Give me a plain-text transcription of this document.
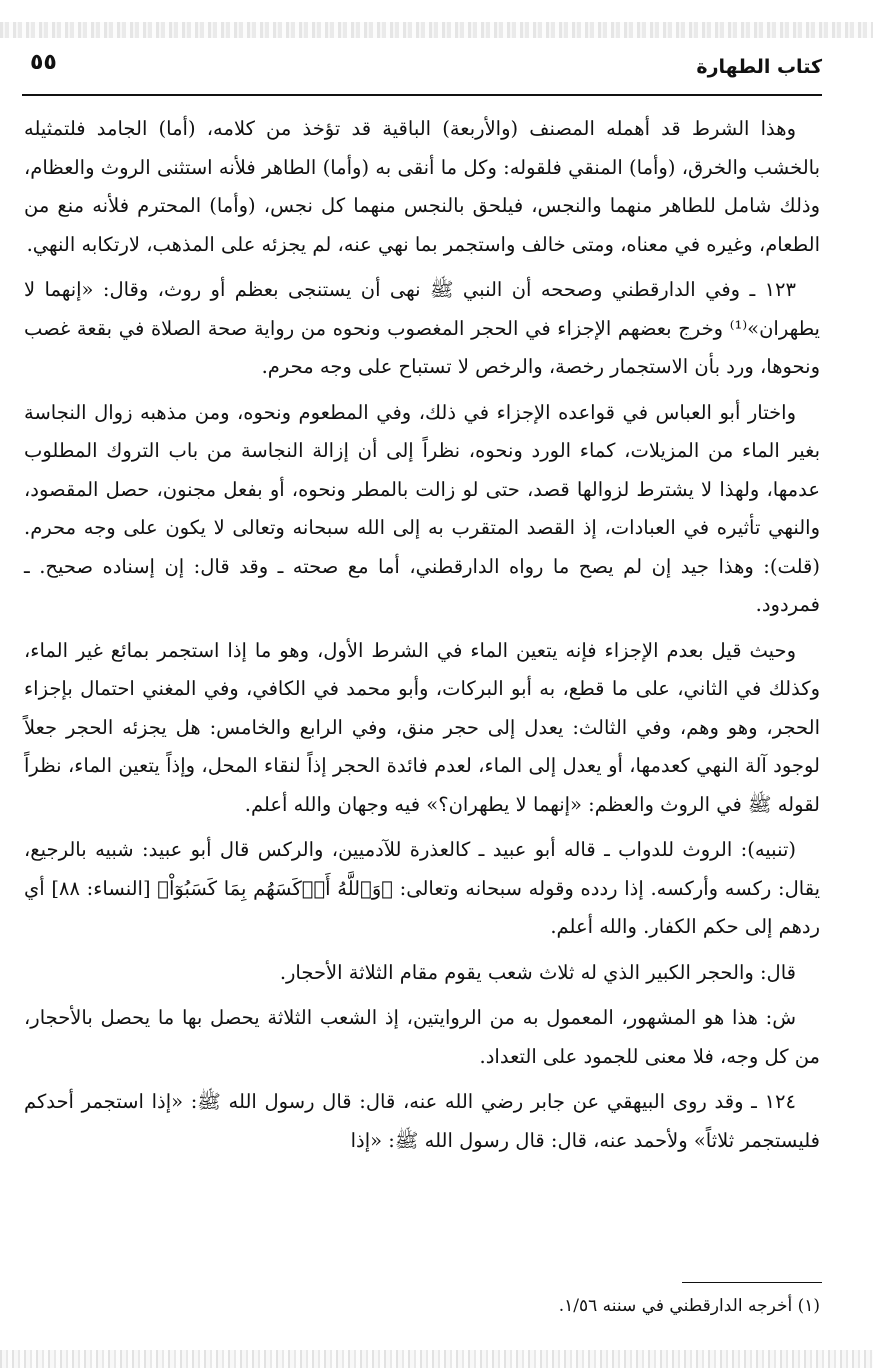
كتاب الطهارة
٥٥

وهذا الشرط قد أهمله المصنف (والأربعة) الباقية قد تؤخذ من كلامه، (أما) الجامد فلتمثيله بالخشب والخرق، (وأما) المنقي فلقوله: وكل ما أنقى به (وأما) الطاهر فلأنه استثنى الروث والعظام، وذلك شامل للطاهر منهما والنجس، فيلحق بالنجس منهما كل نجس، (وأما) المحترم فلأنه منع من الطعام، وغيره في معناه، ومتى خالف واستجمر بما نهي عنه، لم يجزئه على المذهب، لارتكابه النهي.

١٢٣ ـ وفي الدارقطني وصححه أن النبي ﷺ نهى أن يستنجى بعظم أو روث، وقال: «إنهما لا يطهران»⁽¹⁾ وخرج بعضهم الإجزاء في الحجر المغصوب ونحوه من رواية صحة الصلاة في بقعة غصب ونحوها، ورد بأن الاستجمار رخصة، والرخص لا تستباح على وجه محرم.

واختار أبو العباس في قواعده الإجزاء في ذلك، وفي المطعوم ونحوه، ومن مذهبه زوال النجاسة بغير الماء من المزيلات، كماء الورد ونحوه، نظراً إلى أن إزالة النجاسة من باب التروك المطلوب عدمها، ولهذا لا يشترط لزوالها قصد، حتى لو زالت بالمطر ونحوه، أو بفعل مجنون، حصل المقصود، والنهي تأثيره في العبادات، إذ القصد المتقرب به إلى الله سبحانه وتعالى لا يكون على وجه محرم. (قلت): وهذا جيد إن لم يصح ما رواه الدارقطني، أما مع صحته ـ وقد قال: إن إسناده صحيح. ـ فمردود.

وحيث قيل بعدم الإجزاء فإنه يتعين الماء في الشرط الأول، وهو ما إذا استجمر بمائع غير الماء، وكذلك في الثاني، على ما قطع، به أبو البركات، وأبو محمد في الكافي، وفي المغني احتمال بإجزاء الحجر، وهو وهم، وفي الثالث: يعدل إلى حجر منق، وفي الرابع والخامس: هل يجزئه الحجر جعلاً لوجود آلة النهي كعدمها، أو يعدل إلى الماء، لعدم فائدة الحجر إذاً لنقاء المحل، وإذاً يتعين الماء، نظراً لقوله ﷺ في الروث والعظم: «إنهما لا يطهران؟» فيه وجهان والله أعلم.

(تنبيه): الروث للدواب ـ قاله أبو عبيد ـ كالعذرة للآدميين، والركس قال أبو عبيد: شبيه بالرجيع، يقال: ركسه وأركسه. إذا ردده وقوله سبحانه وتعالى: ﴿وَٱللَّهُ أَرۡكَسَهُم بِمَا كَسَبُوٓاْ﴾ [النساء: ٨٨] أي ردهم إلى حكم الكفار. والله أعلم.

قال: والحجر الكبير الذي له ثلاث شعب يقوم مقام الثلاثة الأحجار.

ش: هذا هو المشهور، المعمول به من الروايتين، إذ الشعب الثلاثة يحصل بها ما يحصل بالأحجار، من كل وجه، فلا معنى للجمود على التعداد.

١٢٤ ـ وقد روى البيهقي عن جابر رضي الله عنه، قال: قال رسول الله ﷺ: «إذا استجمر أحدكم فليستجمر ثلاثاً» ولأحمد عنه، قال: قال رسول الله ﷺ: «إذا

(١) أخرجه الدارقطني في سننه ١/٥٦.
